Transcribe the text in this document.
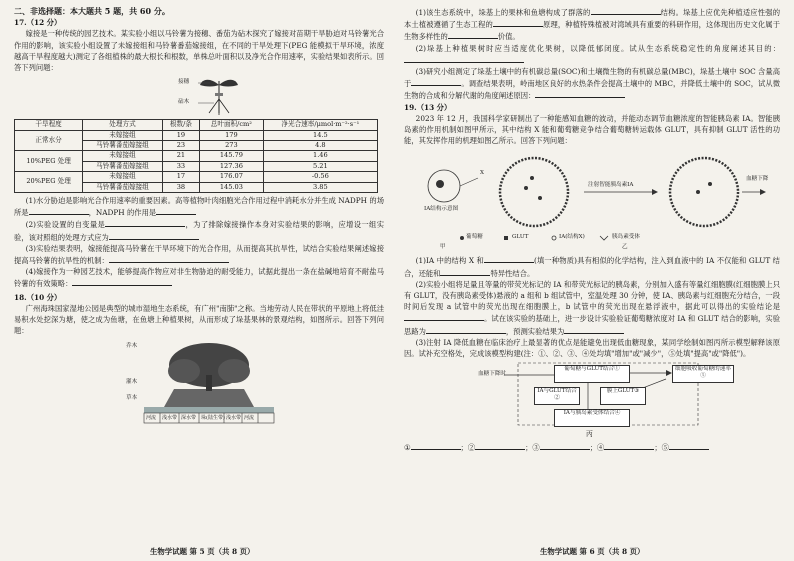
二、非选择题：本大题共 5 题，共 60 分。
17.（12 分）

嫁接是一种传统的园艺技术。某实验小组以马铃薯为接穗、番茄为砧木探究了嫁接对苗期干旱胁迫对马铃薯光合作用的影响，该实验小组设置了未嫁接组和马铃薯番茄嫁接组，在不同的干旱处理下(PEG 能模拟干旱环境，浓度越高干旱程度越大)测定了各组植株的最大根长和根数，单株总叶面积以及净光合作用速率，实验结果如表所示。回答下列问题：

接穗
砧木
干旱程度	处理方式	根数/条	总叶面积/cm²	净光合速率/μmol·m⁻²·s⁻¹
正常水分	未嫁接组	19	179	14.5
	马铃薯番茄嫁接组	23	273	4.8
10%PEG 处理	未嫁接组	21	145.79	1.46
	马铃薯番茄嫁接组	33	127.36	5.21
20%PEG 处理	未嫁接组	17	176.07	-0.56
	马铃薯番茄嫁接组	38	145.03	3.85

(1)水分胁迫是影响光合作用速率的重要因素。高等植物叶肉细胞光合作用过程中消耗水分并生成 NADPH 的场所是	，NADPH 的作用是

(2)实验设置的自变量是	，为了排除嫁接操作本身对实验结果的影响，应增设一组实验，该对照组的处理方式应为

(3)实验结果表明，嫁接能提高马铃薯在干旱环境下的光合作用，从而提高其抗旱性，试结合实验结果阐述嫁接提高马铃薯的抗旱性的机制：

(4)嫁接作为一种园艺技术，能够提高作物应对非生物胁迫的耐受能力，试据此提出一条在盐碱地培育不耐盐马铃薯的有效策略：

18.（10 分）

广州海珠国家湿地公园是典型的城市湿地生态系统，有广州"南肺"之称。当地劳动人民在带状的平原地上将低洼易积水处挖深为塘，使之成为鱼塘，在鱼塘上种植果树，从而形成了垛基果林的景观结构，如图所示。回答下列问题：

乔木
灌木
草本
河流 浅水带 深水带 垛(陆生带) 浅水带 河流
生物学试题 第 5 页（共 8 页）

(1)该生态系统中，垛基上的果林和鱼塘构成了群落的	结构。垛基上应优先种植适应性强的本土植被遵循了生态工程的	原理，种植特殊植被对湾域具有重要的科研作用，这体现出历史文化属于生物多样性的	价值。

(2)垛基上种植果树时应当适度优化果树，以降低郁闭度。试从生态系统稳定性的角度阐述其目的：

(3)研究小组测定了垛基土壤中的有机碳总量(SOC)和土壤微生物的有机碳总量(MBC)，垛基土壤中 SOC 含量高于	。调查结果表明，岭南地区良好的水热条件会提高土壤中的 MBC，并降低土壤中的 SOC，试从微生物的合成和分解代谢的角度阐述原因：

19.（13 分）

2023 年 12 月，我国科学家研制出了一种能感知血糖的波动，并能动态调节血糖浓度的智能胰岛素 IA。智能胰岛素的作用机制如图甲所示，其中结构 X 能和葡萄糖竞争结合葡萄糖转运载体 GLUT，具有抑制 GLUT 活性的功能，其发挥作用的机理如图乙所示。回答下列问题：

IA结构示意图
X
注射智能胰岛素IA
血糖下降
葡萄糖	GLUT	IA(结构X)	胰岛素受体
甲	乙

(1)IA 中的结构 X 和	(填一种物质)具有相似的化学结构，注入到血液中的 IA 不仅能和 GLUT 结合，还能和	特异性结合。

(2)实验小组将足量且等量的带荧光标记的 IA 和带荧光标记的胰岛素，分别加入盛有等量红细胞膜(红细胞膜上只有 GLUT，没有胰岛素受体)悬液的 a 组和 b 组试管中，室温处理 30 分钟，使 IA、胰岛素与红细胞充分结合，一段时间后发现 a 试管中的荧光出现在细胞膜上，b 试管中的荧光出现在悬浮液中，据此可以得出的实验结论是。试在该实验的基础上，进一步设计实验验证葡萄糖浓度对 IA 和 GLUT 结合的影响，实验思路为	，预测实验结果为

(3)注射 IA 降低血糖在临床治疗上最显著的优点是能避免出现低血糖现象，某同学绘制如图丙所示模型解释该原因。试补充空格处，完成该模型构建(注：①、②、③、④处均填"增加"或"减少"，⑤处填"提高"或"降低")。

血糖下降时
葡萄糖与GLUT结合①
IA与GLUT结合②
膜上GLUT③
IA与胰岛素受体结合④
细胞吸收葡萄糖的速率⑤
丙

①	；②	；③	；④	；⑤

生物学试题 第 6 页（共 8 页）
